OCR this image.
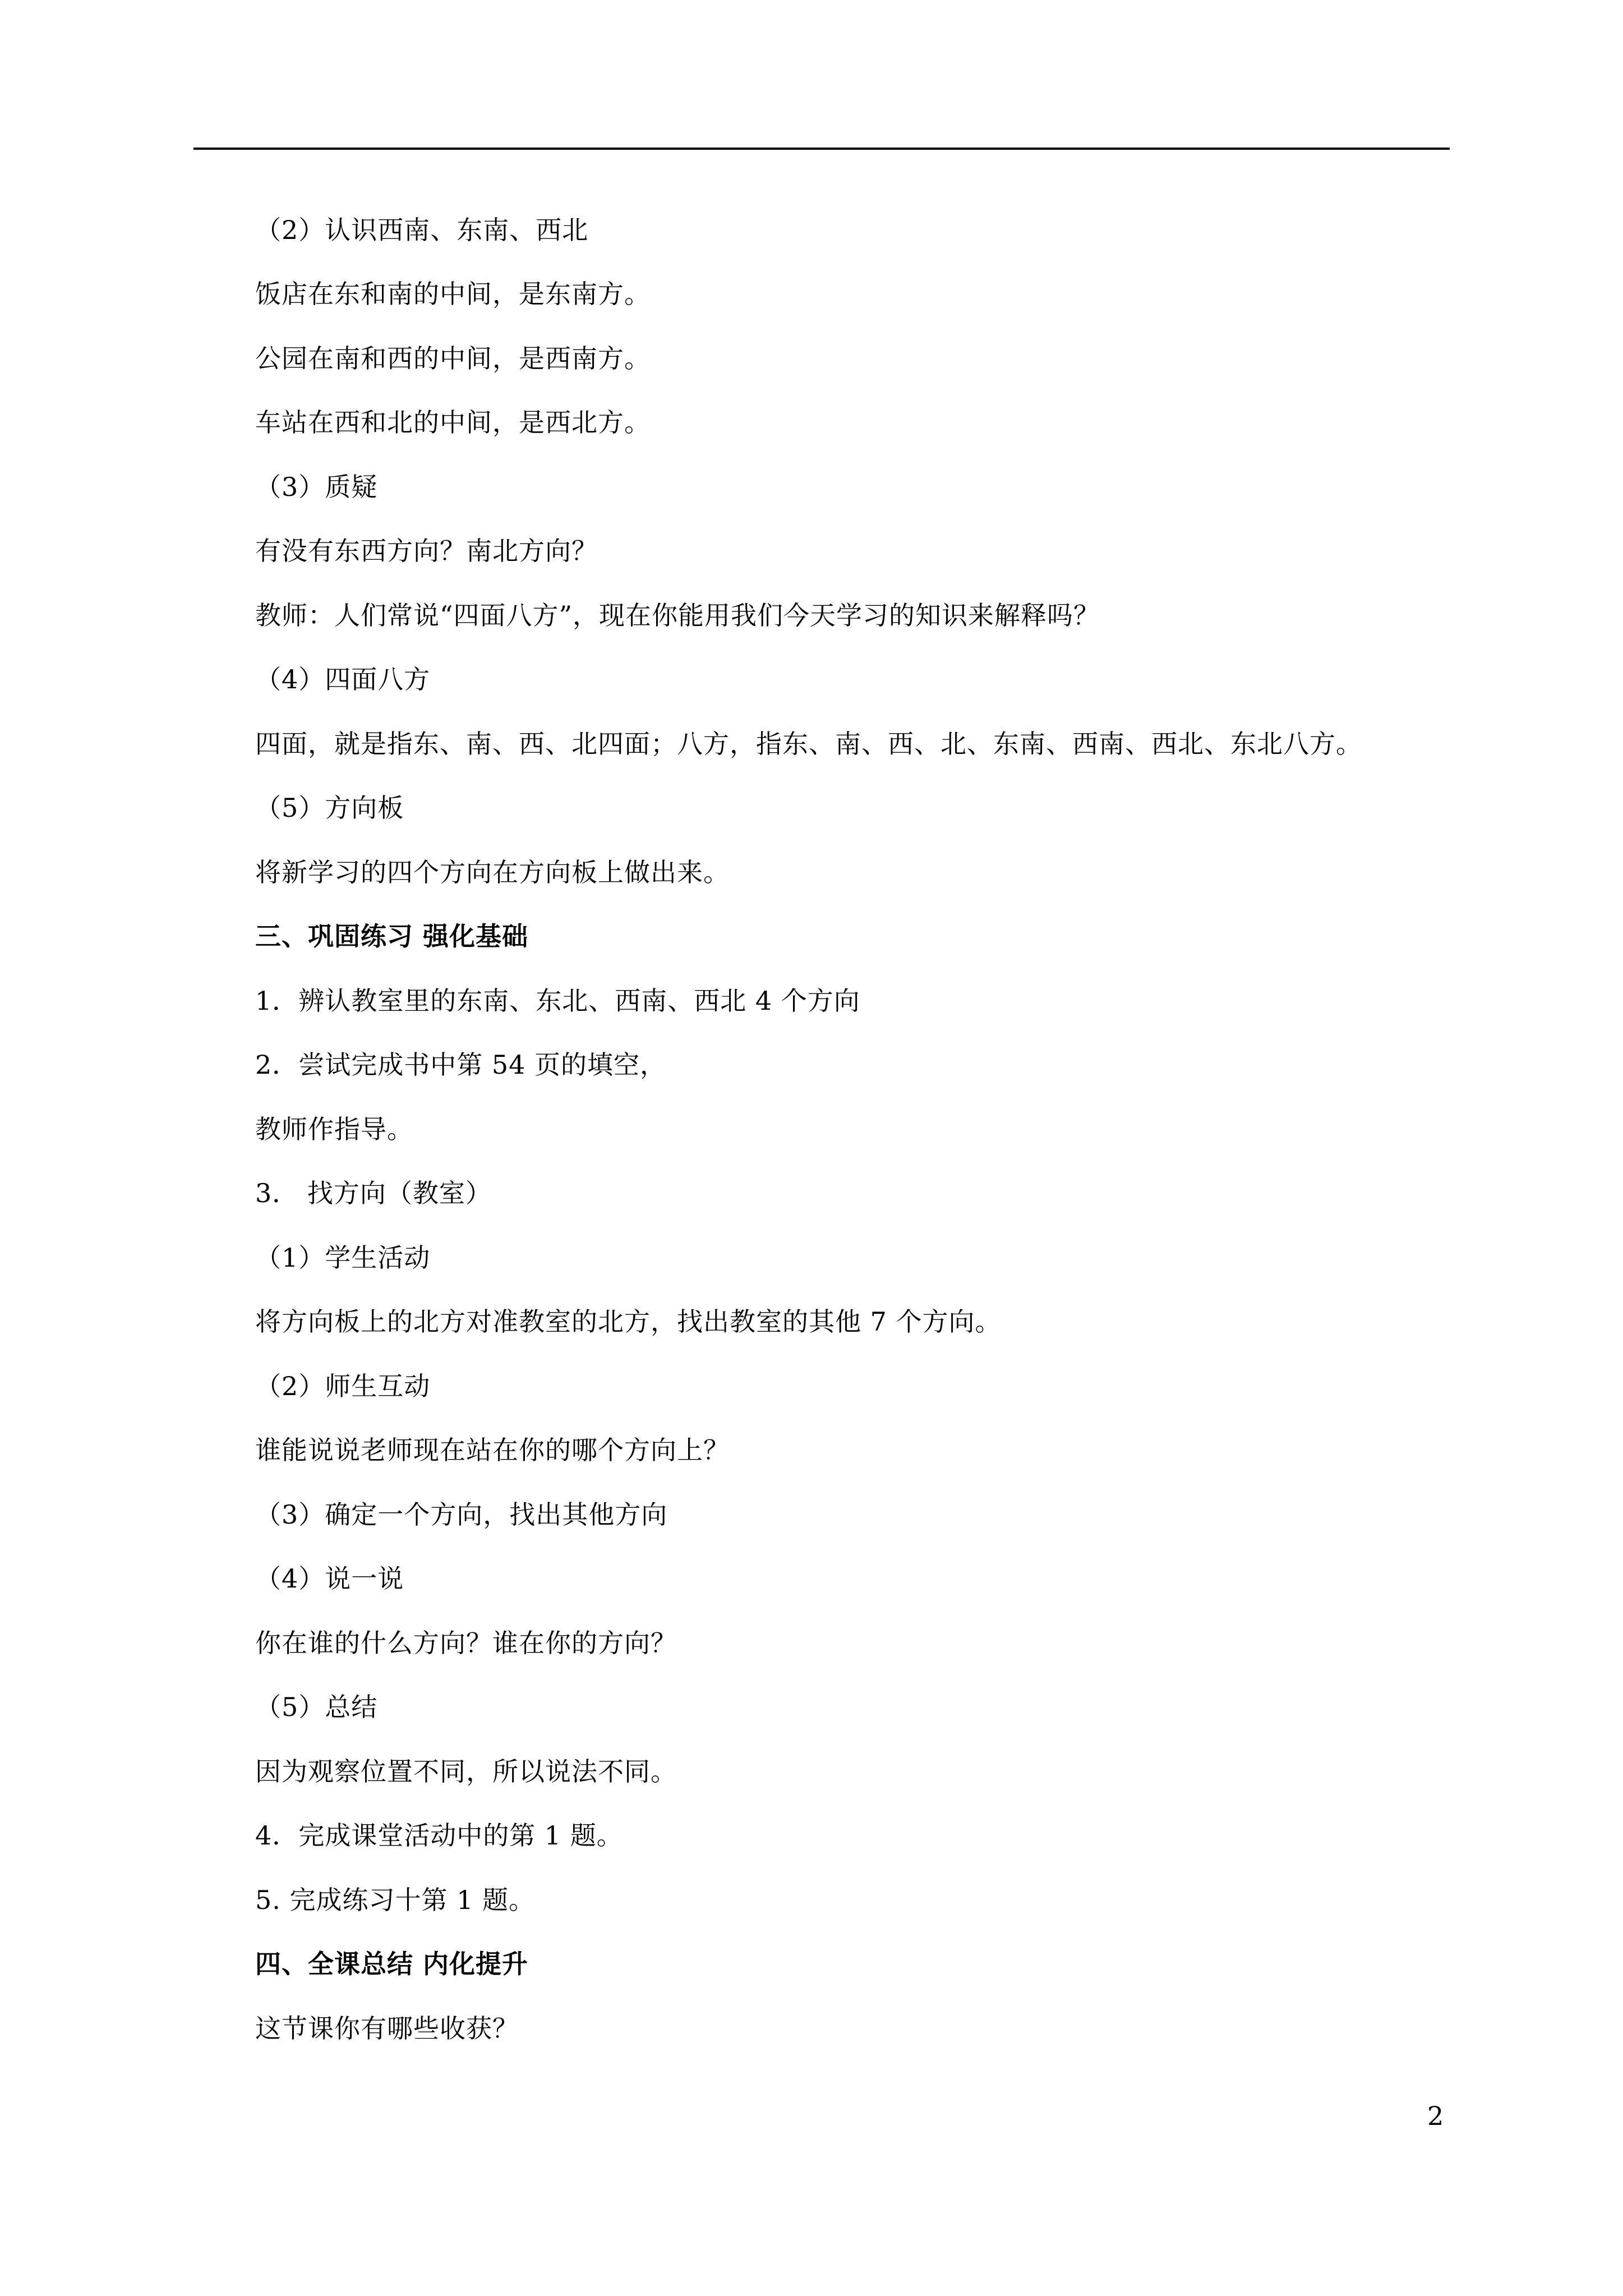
（2）认识西南、东南、西北
饭店在东和南的中间，是东南方。
公园在南和西的中间，是西南方。
车站在西和北的中间，是西北方。
（3）质疑
有没有东西方向？南北方向？
教师：人们常说“四面八方”，现在你能用我们今天学习的知识来解释吗？
（4）四面八方
四面，就是指东、南、西、北四面；八方，指东、南、西、北、东南、西南、西北、东北八方。
（5）方向板
将新学习的四个方向在方向板上做出来。
三、巩固练习 强化基础
1．辨认教室里的东南、东北、西南、西北 4 个方向
2．尝试完成书中第 54 页的填空，
教师作指导。
3． 找方向（教室）
（1）学生活动
将方向板上的北方对准教室的北方，找出教室的其他 7 个方向。
（2）师生互动
谁能说说老师现在站在你的哪个方向上？
（3）确定一个方向，找出其他方向
（4）说一说
你在谁的什么方向？谁在你的方向？
（5）总结
因为观察位置不同，所以说法不同。
4．完成课堂活动中的第 1 题。
5. 完成练习十第 1 题。
四、全课总结 内化提升
这节课你有哪些收获？
2
